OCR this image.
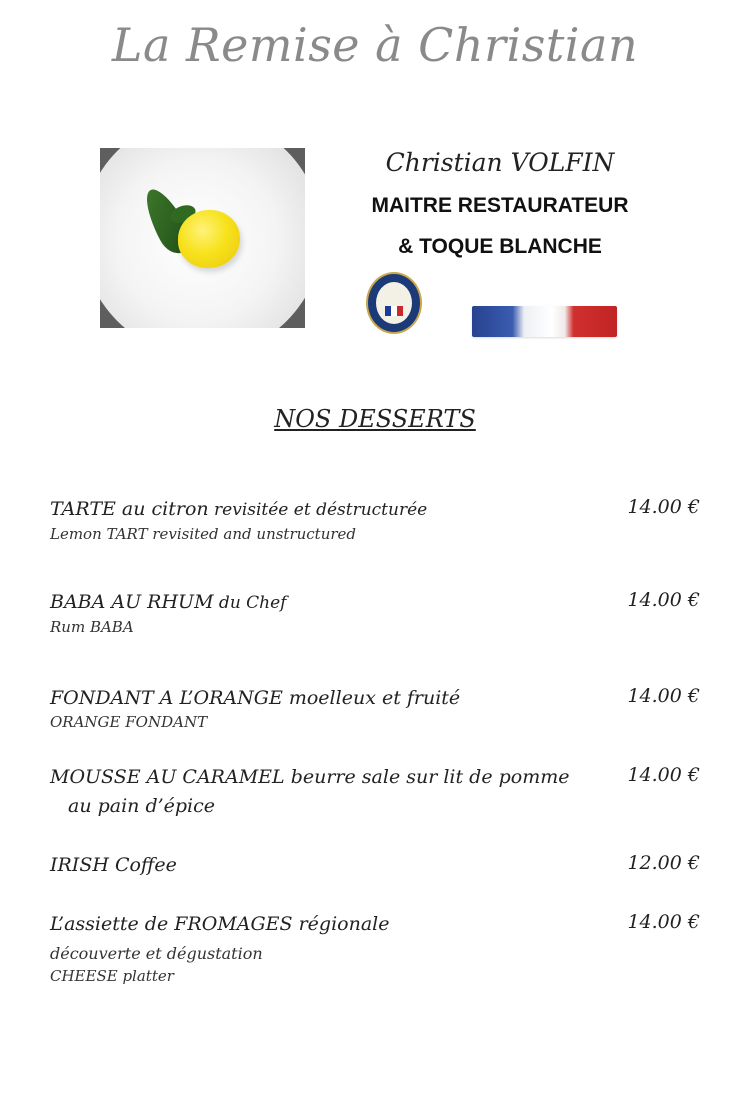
La Remise à Christian
Christian VOLFIN
MAITRE RESTAURATEUR
& TOQUE BLANCHE
NOS DESSERTS
TARTE au citron revisitée et déstructurée
Lemon TART revisited and unstructured
14.00 €
BABA AU RHUM du Chef
Rum BABA
14.00 €
FONDANT A L’ORANGE moelleux et fruité
ORANGE FONDANT
14.00 €
MOUSSE AU CARAMEL beurre sale sur lit de pomme
au pain d’épice
14.00 €
IRISH Coffee	12.00 €
L’assiette de FROMAGES régionale
découverte et dégustation
CHEESE platter
14.00 €
